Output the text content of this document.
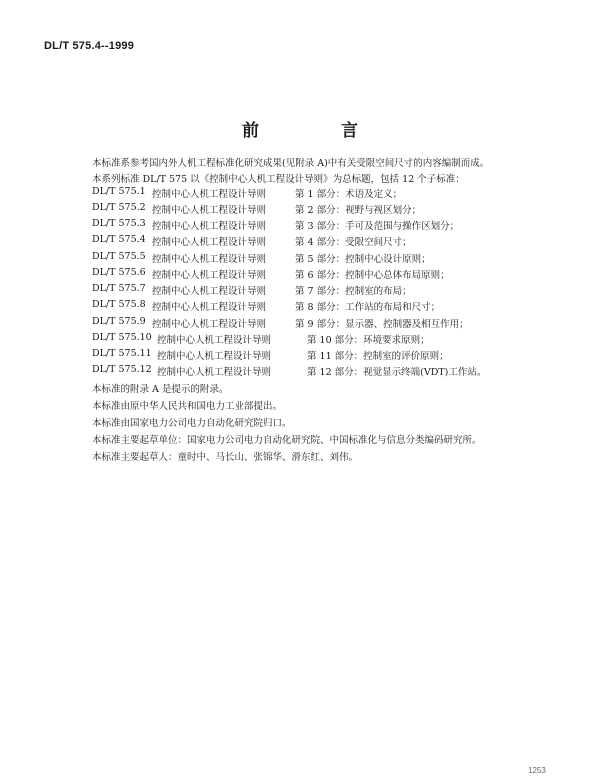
DL/T 575.4--1999
前 言
本标准系参考国内外人机工程标准化研究成果(见附录 A)中有关受限空间尺寸的内容编制而成。
本系列标准 DL/T 575 以《控制中心人机工程设计导则》为总标题，包括 12 个子标准：
DL/T 575.1 控制中心人机工程设计导则	第 1 部分：术语及定义；
DL/T 575.2 控制中心人机工程设计导则	第 2 部分：视野与视区划分；
DL/T 575.3 控制中心人机工程设计导则	第 3 部分：手可及范围与操作区划分；
DL/T 575.4 控制中心人机工程设计导则	第 4 部分：受限空间尺寸；
DL/T 575.5 控制中心人机工程设计导则	第 5 部分：控制中心设计原则；
DL/T 575.6 控制中心人机工程设计导则	第 6 部分：控制中心总体布局原则；
DL/T 575.7 控制中心人机工程设计导则	第 7 部分：控制室的布局；
DL/T 575.8 控制中心人机工程设计导则	第 8 部分：工作站的布局和尺寸；
DL/T 575.9 控制中心人机工程设计导则	第 9 部分：显示器、控制器及相互作用；
DL/T 575.10 控制中心人机工程设计导则	第 10 部分：环境要求原则；
DL/T 575.11 控制中心人机工程设计导则	第 11 部分：控制室的评价原则；
DL/T 575.12 控制中心人机工程设计导则	第 12 部分：视觉显示终端(VDT)工作站。
本标准的附录 A 是提示的附录。
本标准由原中华人民共和国电力工业部提出。
本标准由国家电力公司电力自动化研究院归口。
本标准主要起草单位：国家电力公司电力自动化研究院、中国标准化与信息分类编码研究所。
本标准主要起草人：童时中、马长山、张锦华、滑东红、刘伟。
1253
